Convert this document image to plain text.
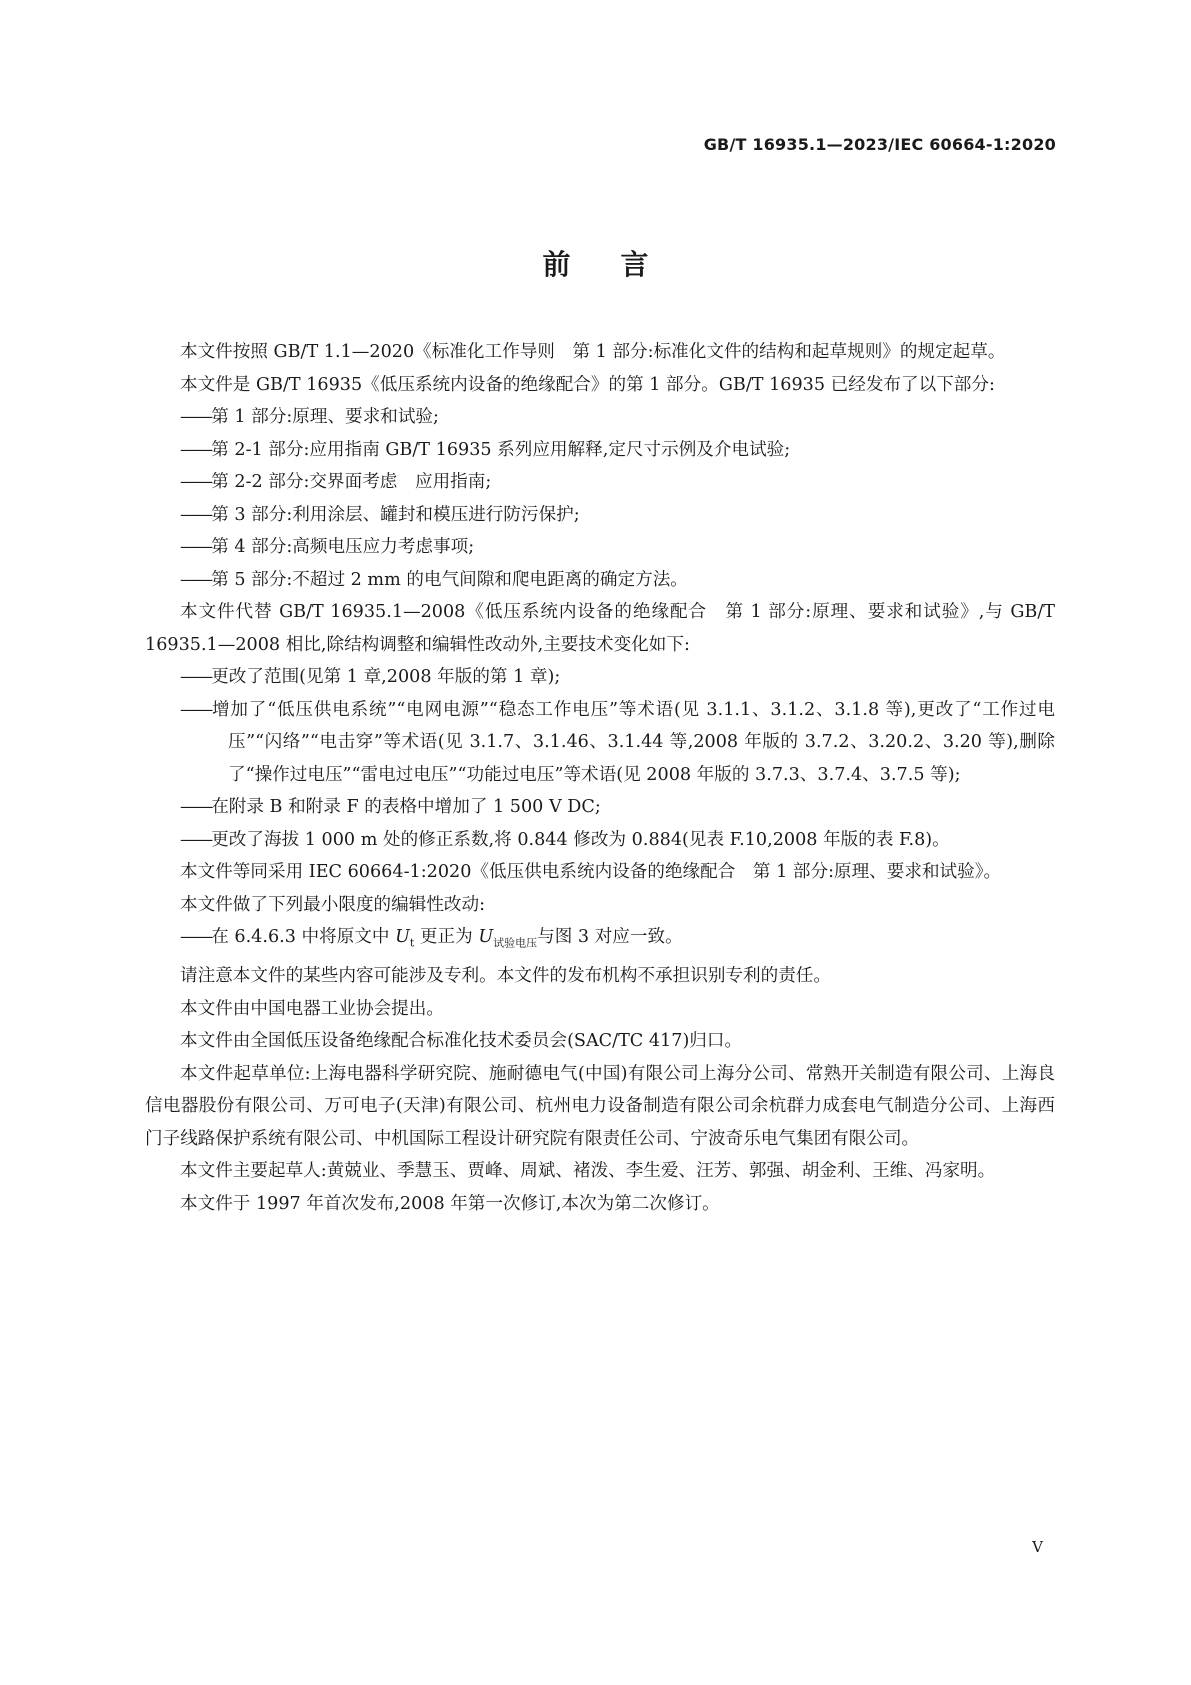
GB/T 16935.1—2023/IEC 60664-1:2020
前言

本文件按照 GB/T 1.1—2020《标准化工作导则　第 1 部分:标准化文件的结构和起草规则》的规定起草。

本文件是 GB/T 16935《低压系统内设备的绝缘配合》的第 1 部分。GB/T 16935 已经发布了以下部分:

—— 第 1 部分:原理、要求和试验;

—— 第 2-1 部分:应用指南 GB/T 16935 系列应用解释,定尺寸示例及介电试验;

—— 第 2-2 部分:交界面考虑　应用指南;

—— 第 3 部分:利用涂层、罐封和模压进行防污保护;

—— 第 4 部分:高频电压应力考虑事项;

—— 第 5 部分:不超过 2 mm 的电气间隙和爬电距离的确定方法。

本文件代替 GB/T 16935.1—2008《低压系统内设备的绝缘配合　第 1 部分:原理、要求和试验》,与 GB/T 16935.1—2008 相比,除结构调整和编辑性改动外,主要技术变化如下:

—— 更改了范围(见第 1 章,2008 年版的第 1 章);

—— 增加了“低压供电系统”“电网电源”“稳态工作电压”等术语(见 3.1.1、3.1.2、3.1.8 等),更改了“工作过电压”“闪络”“电击穿”等术语(见 3.1.7、3.1.46、3.1.44 等,2008 年版的 3.7.2、3.20.2、3.20 等),删除了“操作过电压”“雷电过电压”“功能过电压”等术语(见 2008 年版的 3.7.3、3.7.4、3.7.5 等);

—— 在附录 B 和附录 F 的表格中增加了 1 500 V DC;

—— 更改了海拔 1 000 m 处的修正系数,将 0.844 修改为 0.884(见表 F.10,2008 年版的表 F.8)。

本文件等同采用 IEC 60664-1:2020《低压供电系统内设备的绝缘配合　第 1 部分:原理、要求和试验》。

本文件做了下列最小限度的编辑性改动:

—— 在 6.4.6.3 中将原文中 $U_t$ 更正为 $U_{试验电压}$与图 3 对应一致。

请注意本文件的某些内容可能涉及专利。本文件的发布机构不承担识别专利的责任。

本文件由中国电器工业协会提出。

本文件由全国低压设备绝缘配合标准化技术委员会(SAC/TC 417)归口。

本文件起草单位:上海电器科学研究院、施耐德电气(中国)有限公司上海分公司、常熟开关制造有限公司、上海良信电器股份有限公司、万可电子(天津)有限公司、杭州电力设备制造有限公司余杭群力成套电气制造分公司、上海西门子线路保护系统有限公司、中机国际工程设计研究院有限责任公司、宁波奇乐电气集团有限公司。

本文件主要起草人:黄兢业、季慧玉、贾峰、周斌、褚泼、李生爱、汪芳、郭强、胡金利、王维、冯家明。

本文件于 1997 年首次发布,2008 年第一次修订,本次为第二次修订。

Ⅴ
